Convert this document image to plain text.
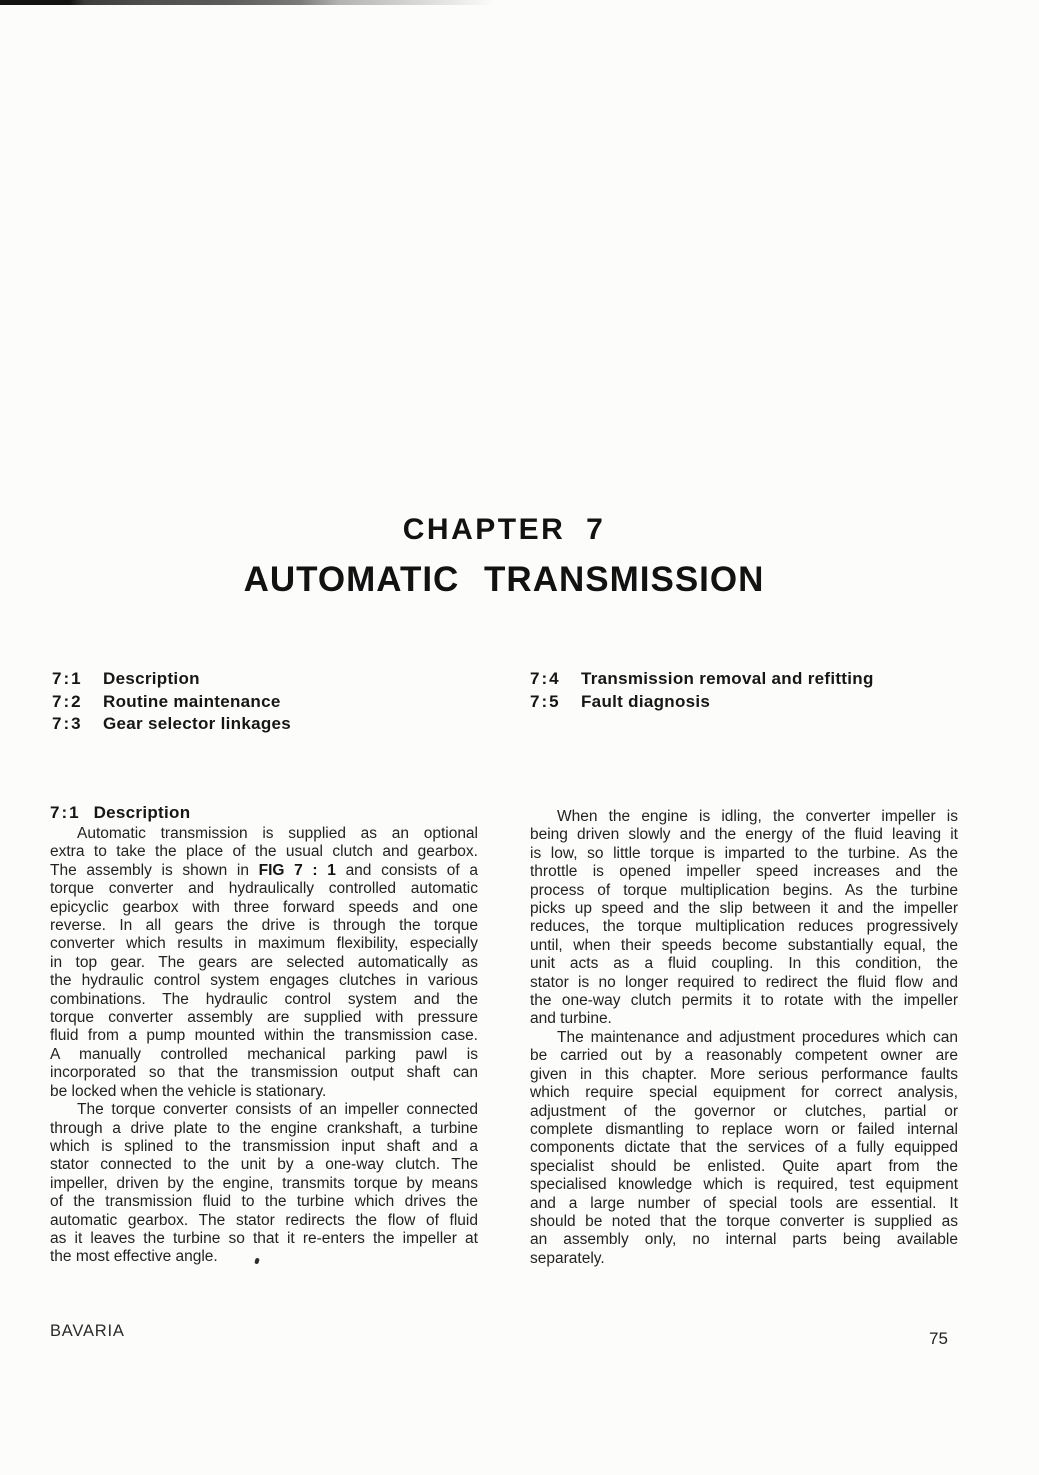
CHAPTER 7
AUTOMATIC TRANSMISSION
7:1 Description
7:2 Routine maintenance
7:3 Gear selector linkages
7:4 Transmission removal and refitting
7:5 Fault diagnosis
7:1 Description
Automatic transmission is supplied as an optional
extra to take the place of the usual clutch and gearbox.
The assembly is shown in FIG 7 : 1 and consists of a
torque converter and hydraulically controlled automatic
epicyclic gearbox with three forward speeds and one
reverse. In all gears the drive is through the torque
converter which results in maximum flexibility, especially
in top gear. The gears are selected automatically as
the hydraulic control system engages clutches in various
combinations. The hydraulic control system and the
torque converter assembly are supplied with pressure
fluid from a pump mounted within the transmission case.
A manually controlled mechanical parking pawl is
incorporated so that the transmission output shaft can
be locked when the vehicle is stationary.
The torque converter consists of an impeller connected
through a drive plate to the engine crankshaft, a turbine
which is splined to the transmission input shaft and a
stator connected to the unit by a one-way clutch. The
impeller, driven by the engine, transmits torque by means
of the transmission fluid to the turbine which drives the
automatic gearbox. The stator redirects the flow of fluid
as it leaves the turbine so that it re-enters the impeller at
the most effective angle.
When the engine is idling, the converter impeller is
being driven slowly and the energy of the fluid leaving it
is low, so little torque is imparted to the turbine. As the
throttle is opened impeller speed increases and the
process of torque multiplication begins. As the turbine
picks up speed and the slip between it and the impeller
reduces, the torque multiplication reduces progressively
until, when their speeds become substantially equal, the
unit acts as a fluid coupling. In this condition, the
stator is no longer required to redirect the fluid flow and
the one-way clutch permits it to rotate with the impeller
and turbine.
The maintenance and adjustment procedures which can
be carried out by a reasonably competent owner are
given in this chapter. More serious performance faults
which require special equipment for correct analysis,
adjustment of the governor or clutches, partial or
complete dismantling to replace worn or failed internal
components dictate that the services of a fully equipped
specialist should be enlisted. Quite apart from the
specialised knowledge which is required, test equipment
and a large number of special tools are essential. It
should be noted that the torque converter is supplied as
an assembly only, no internal parts being available
separately.
BAVARIA	75
